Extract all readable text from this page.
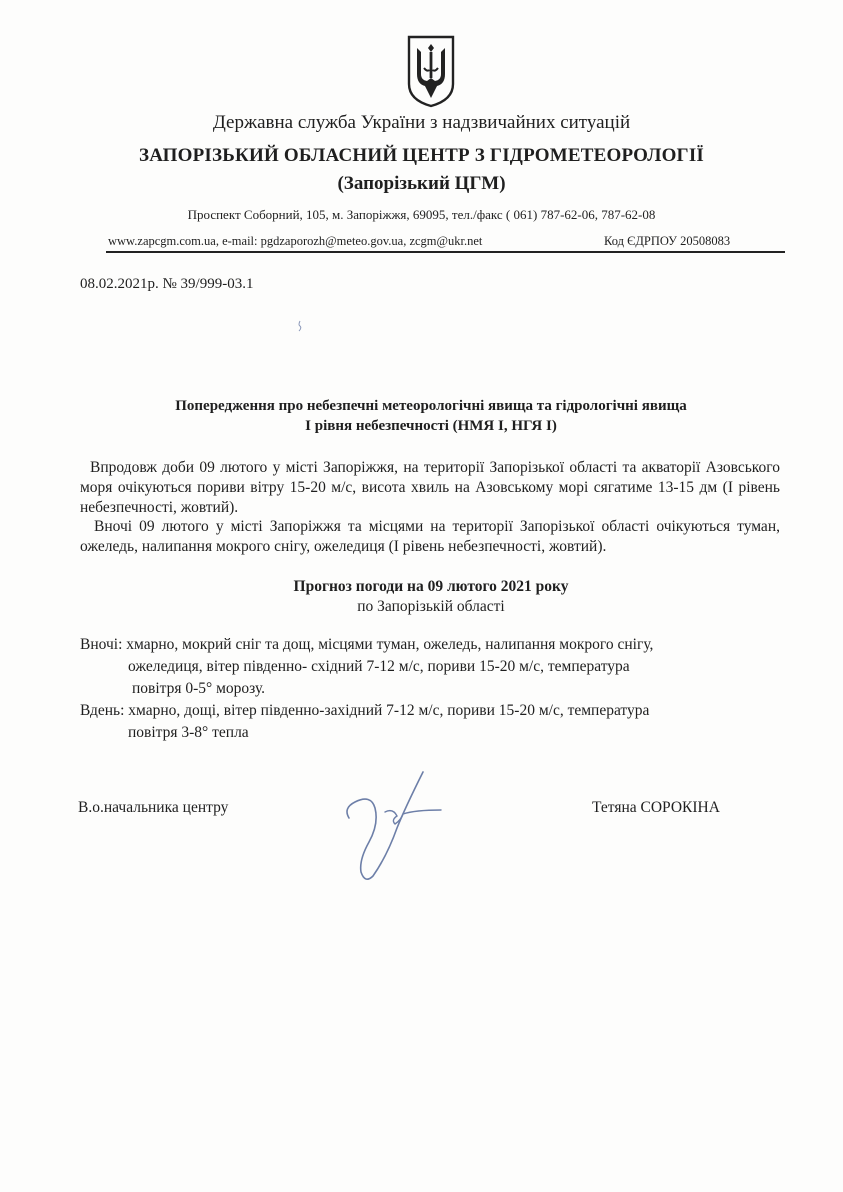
Державна служба України з надзвичайних ситуацій
ЗАПОРІЗЬКИЙ ОБЛАСНИЙ ЦЕНТР З ГІДРОМЕТЕОРОЛОГІЇ
(Запорізький ЦГМ)
Проспект Соборний, 105, м. Запоріжжя, 69095, тел./факс ( 061) 787-62-06, 787-62-08
www.zapcgm.com.ua, e-mail: pgdzaporozh@meteo.gov.ua, zcgm@ukr.net	Код ЄДРПОУ 20508083
08.02.2021р. № 39/999-03.1
Попередження про небезпечні метеорологічні явища та гідрологічні явища
І рівня небезпечності (НМЯ І, НГЯ І)
Впродовж доби 09 лютого у місті Запоріжжя, на території Запорізької області та акваторії Азовського моря очікуються пориви вітру 15-20 м/с, висота хвиль на Азовському морі сягатиме 13-15 дм (І рівень небезпечності, жовтий).
Вночі 09 лютого у місті Запоріжжя та місцями на території Запорізької області очікуються туман, ожеледь, налипання мокрого снігу, ожеледиця (І рівень небезпечності, жовтий).
Прогноз погоди на 09 лютого 2021 року
по Запорізькій області
Вночі: хмарно, мокрий сніг та дощ, місцями туман, ожеледь, налипання мокрого снігу,
ожеледиця, вітер південно- східний 7-12 м/с, пориви 15-20 м/с, температура
повітря 0-5° морозу.
Вдень: хмарно, дощі, вітер південно-західний 7-12 м/с, пориви 15-20 м/с, температура
повітря 3-8° тепла
В.о.начальника центру	Тетяна СОРОКІНА
